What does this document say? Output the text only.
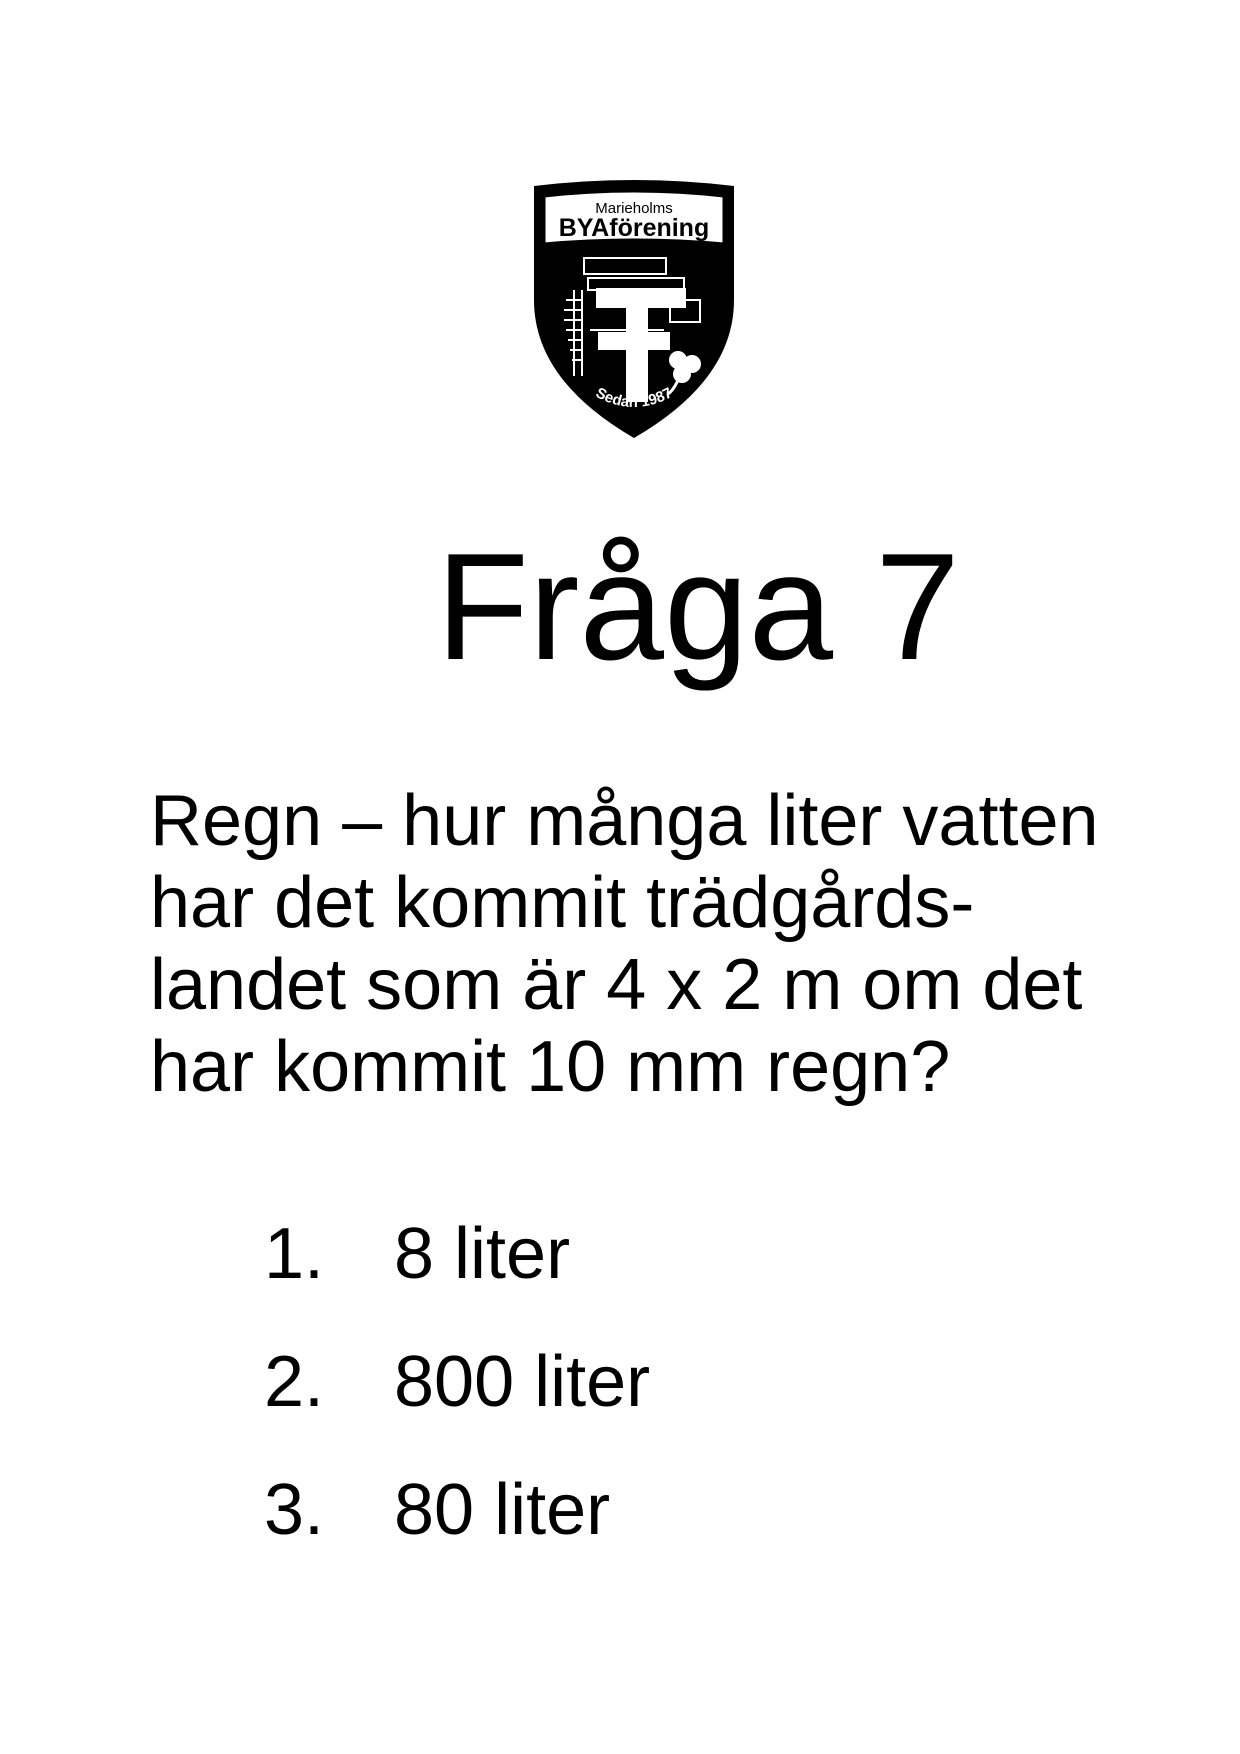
Marieholms
BYAförening
Sedan 1987
Fråga 7

Regn – hur många liter vatten
har det kommit trädgårds-
landet som är 4 x 2 m om det
har kommit 10 mm regn?

1. 8 liter
2. 800 liter
3. 80 liter
